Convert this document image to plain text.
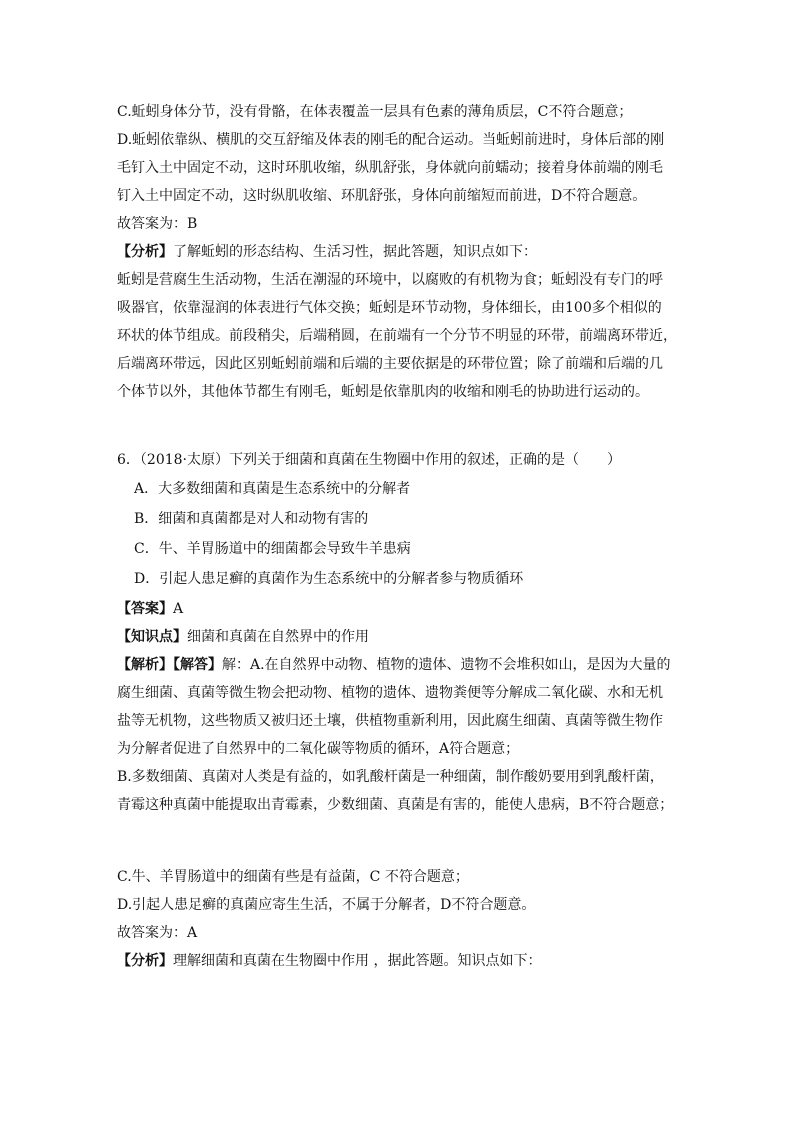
C.蚯蚓身体分节，没有骨骼，在体表覆盖一层具有色素的薄角质层，C不符合题意；
D.蚯蚓依靠纵、横肌的交互舒缩及体表的刚毛的配合运动。当蚯蚓前进时，身体后部的刚
毛钉入土中固定不动，这时环肌收缩，纵肌舒张，身体就向前蠕动；接着身体前端的刚毛
钉入土中固定不动，这时纵肌收缩、环肌舒张，身体向前缩短而前进，D不符合题意。
故答案为：B
【分析】了解蚯蚓的形态结构、生活习性，据此答题，知识点如下：
蚯蚓是营腐生生活动物，生活在潮湿的环境中，以腐败的有机物为食；蚯蚓没有专门的呼
吸器官，依靠湿润的体表进行气体交换；蚯蚓是环节动物，身体细长，由100多个相似的
环状的体节组成。前段稍尖，后端稍圆，在前端有一个分节不明显的环带，前端离环带近，
后端离环带远，因此区别蚯蚓前端和后端的主要依据是的环带位置；除了前端和后端的几
个体节以外，其他体节都生有刚毛，蚯蚓是依靠肌肉的收缩和刚毛的协助进行运动的。
6．（2018·太原）下列关于细菌和真菌在生物圈中作用的叙述，正确的是（　　）
A．大多数细菌和真菌是生态系统中的分解者
B．细菌和真菌都是对人和动物有害的
C．牛、羊胃肠道中的细菌都会导致牛羊患病
D．引起人患足癣的真菌作为生态系统中的分解者参与物质循环
【答案】A
【知识点】细菌和真菌在自然界中的作用
【解析】【解答】解：A.在自然界中动物、植物的遗体、遗物不会堆积如山，是因为大量的
腐生细菌、真菌等微生物会把动物、植物的遗体、遗物粪便等分解成二氧化碳、水和无机
盐等无机物，这些物质又被归还土壤，供植物重新利用，因此腐生细菌、真菌等微生物作
为分解者促进了自然界中的二氧化碳等物质的循环，A符合题意；
B.多数细菌、真菌对人类是有益的，如乳酸杆菌是一种细菌，制作酸奶要用到乳酸杆菌，
青霉这种真菌中能提取出青霉素，少数细菌、真菌是有害的，能使人患病，B不符合题意；
C.牛、羊胃肠道中的细菌有些是有益菌，C 不符合题意；
D.引起人患足癣的真菌应寄生生活，不属于分解者，D不符合题意。
故答案为：A
【分析】理解细菌和真菌在生物圈中作用 ，据此答题。知识点如下：
